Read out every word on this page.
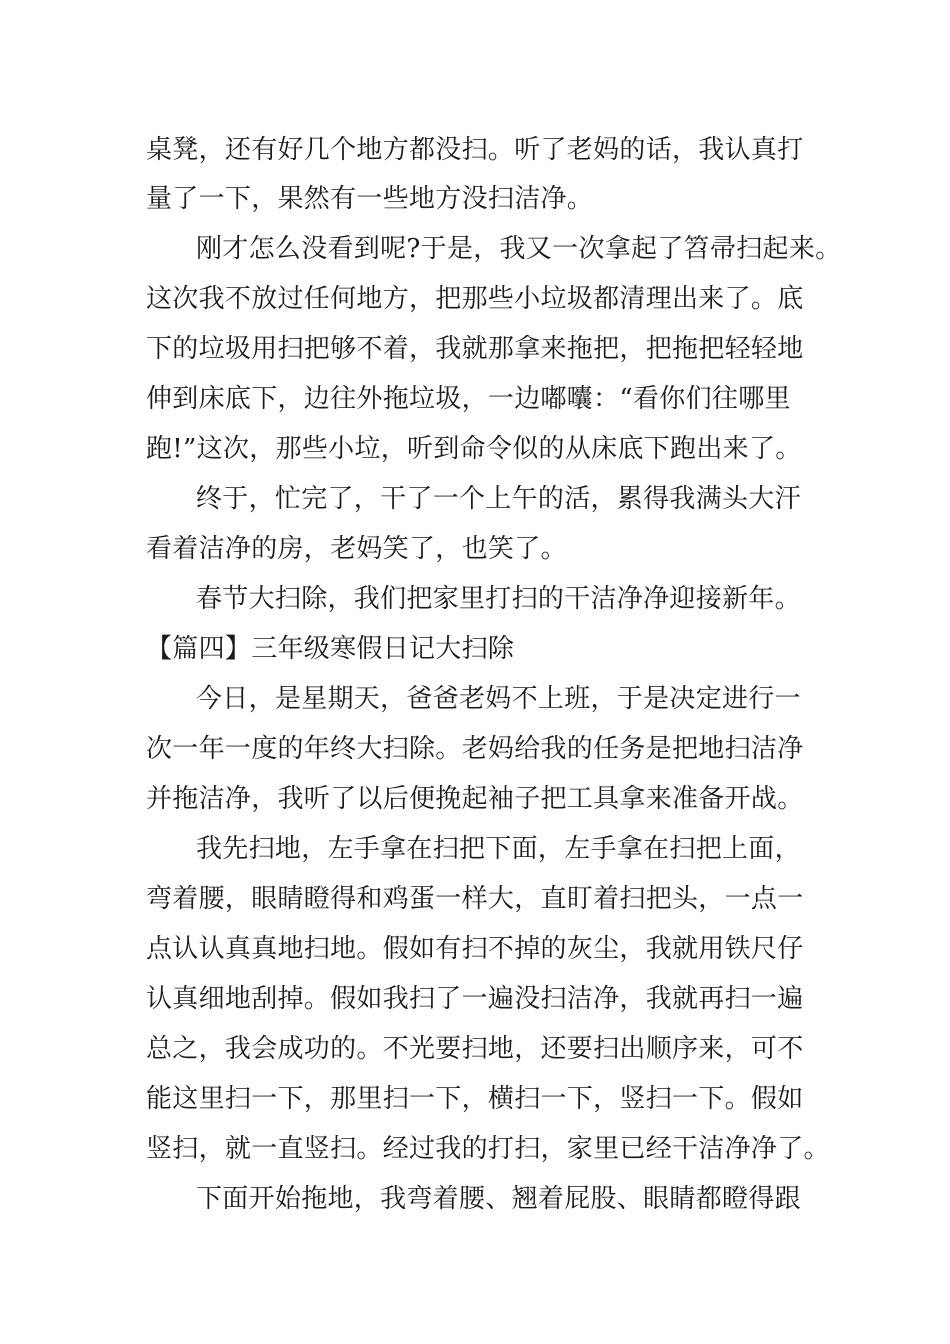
桌凳，还有好几个地方都没扫。听了老妈的话，我认真打
量了一下，果然有一些地方没扫洁净。
刚才怎么没看到呢?于是，我又一次拿起了笤帚扫起来。
这次我不放过任何地方，把那些小垃圾都清理出来了。底
下的垃圾用扫把够不着，我就那拿来拖把，把拖把轻轻地
伸到床底下，边往外拖垃圾，一边嘟囔：“看你们往哪里
跑!”这次，那些小垃，听到命令似的从床底下跑出来了。
终于，忙完了，干了一个上午的活，累得我满头大汗
看着洁净的房，老妈笑了，也笑了。
春节大扫除，我们把家里打扫的干洁净净迎接新年。
【篇四】三年级寒假日记大扫除
今日，是星期天，爸爸老妈不上班，于是决定进行一
次一年一度的年终大扫除。老妈给我的任务是把地扫洁净
并拖洁净，我听了以后便挽起袖子把工具拿来准备开战。
我先扫地，左手拿在扫把下面，左手拿在扫把上面，
弯着腰，眼睛瞪得和鸡蛋一样大，直盯着扫把头，一点一
点认认真真地扫地。假如有扫不掉的灰尘，我就用铁尺仔
认真细地刮掉。假如我扫了一遍没扫洁净，我就再扫一遍
总之，我会成功的。不光要扫地，还要扫出顺序来，可不
能这里扫一下，那里扫一下，横扫一下，竖扫一下。假如
竖扫，就一直竖扫。经过我的打扫，家里已经干洁净净了。
下面开始拖地，我弯着腰、翘着屁股、眼睛都瞪得跟
